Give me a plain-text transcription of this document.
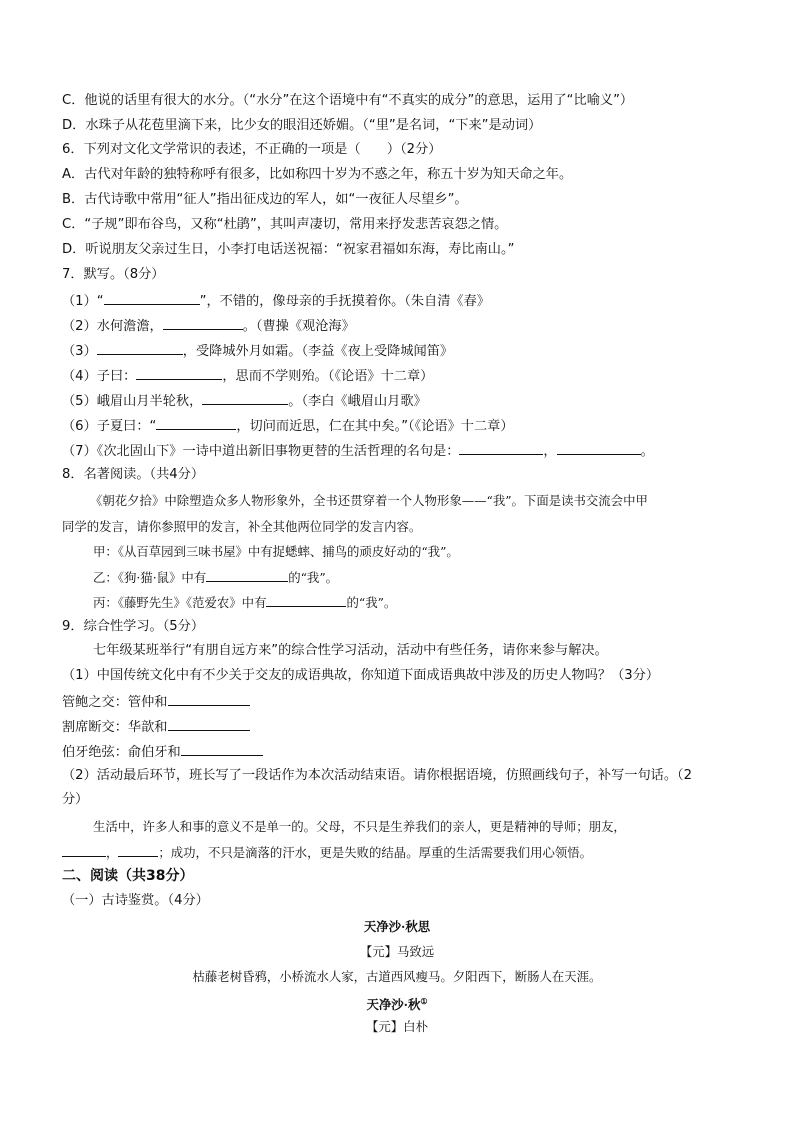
C．他说的话里有很大的水分。（“水分”在这个语境中有“不真实的成分”的意思，运用了“比喻义”）
D．水珠子从花苞里滴下来，比少女的眼泪还娇媚。（“里”是名词，“下来”是动词）
6．下列对文化文学常识的表述，不正确的一项是（　　）（2分）
A．古代对年龄的独特称呼有很多，比如称四十岁为不惑之年，称五十岁为知天命之年。
B．古代诗歌中常用“征人”指出征戍边的军人，如“一夜征人尽望乡”。
C．“子规”即布谷鸟，又称“杜鹃”，其叫声凄切，常用来抒发悲苦哀怨之情。
D．听说朋友父亲过生日，小李打电话送祝福：“祝家君福如东海，寿比南山。”
7．默写。（8分）
（1）“	”，不错的，像母亲的手抚摸着你。（朱自清《春》
（2）水何澹澹，	。（曹操《观沧海》
（3）	，受降城外月如霜。（李益《夜上受降城闻笛》
（4）子曰：	，思而不学则殆。（《论语》十二章）
（5）峨眉山月半轮秋，	。（李白《峨眉山月歌》
（6）子夏曰：“	，切问而近思，仁在其中矣。”（《论语》十二章）
（7）《次北固山下》一诗中道出新旧事物更替的生活哲理的名句是：	，	。
8．名著阅读。（共4分）
《朝花夕拾》中除塑造众多人物形象外，全书还贯穿着一个人物形象——“我”。下面是读书交流会中甲
同学的发言，请你参照甲的发言，补全其他两位同学的发言内容。
甲：《从百草园到三味书屋》中有捉蟋蟀、捕鸟的顽皮好动的“我”。
乙：《狗·猫·鼠》中有	的“我”。
丙：《藤野先生》《范爱农》中有	的“我”。
9．综合性学习。（5分）
七年级某班举行“有朋自远方来”的综合性学习活动，活动中有些任务，请你来参与解决。
（1）中国传统文化中有不少关于交友的成语典故，你知道下面成语典故中涉及的历史人物吗？（3分）
管鲍之交：管仲和
割席断交：华歆和
伯牙绝弦：俞伯牙和
（2）活动最后环节，班长写了一段话作为本次活动结束语。请你根据语境，仿照画线句子，补写一句话。（2
分）
生活中，许多人和事的意义不是单一的。父母，不只是生养我们的亲人，更是精神的导师；朋友，
，	；成功，不只是滴落的汗水，更是失败的结晶。厚重的生活需要我们用心领悟。
二、阅读（共38分）
（一）古诗鉴赏。（4分）
天净沙·秋思
【元】马致远
枯藤老树昏鸦，小桥流水人家，古道西风瘦马。夕阳西下，断肠人在天涯。
天净沙·秋①
【元】白朴
